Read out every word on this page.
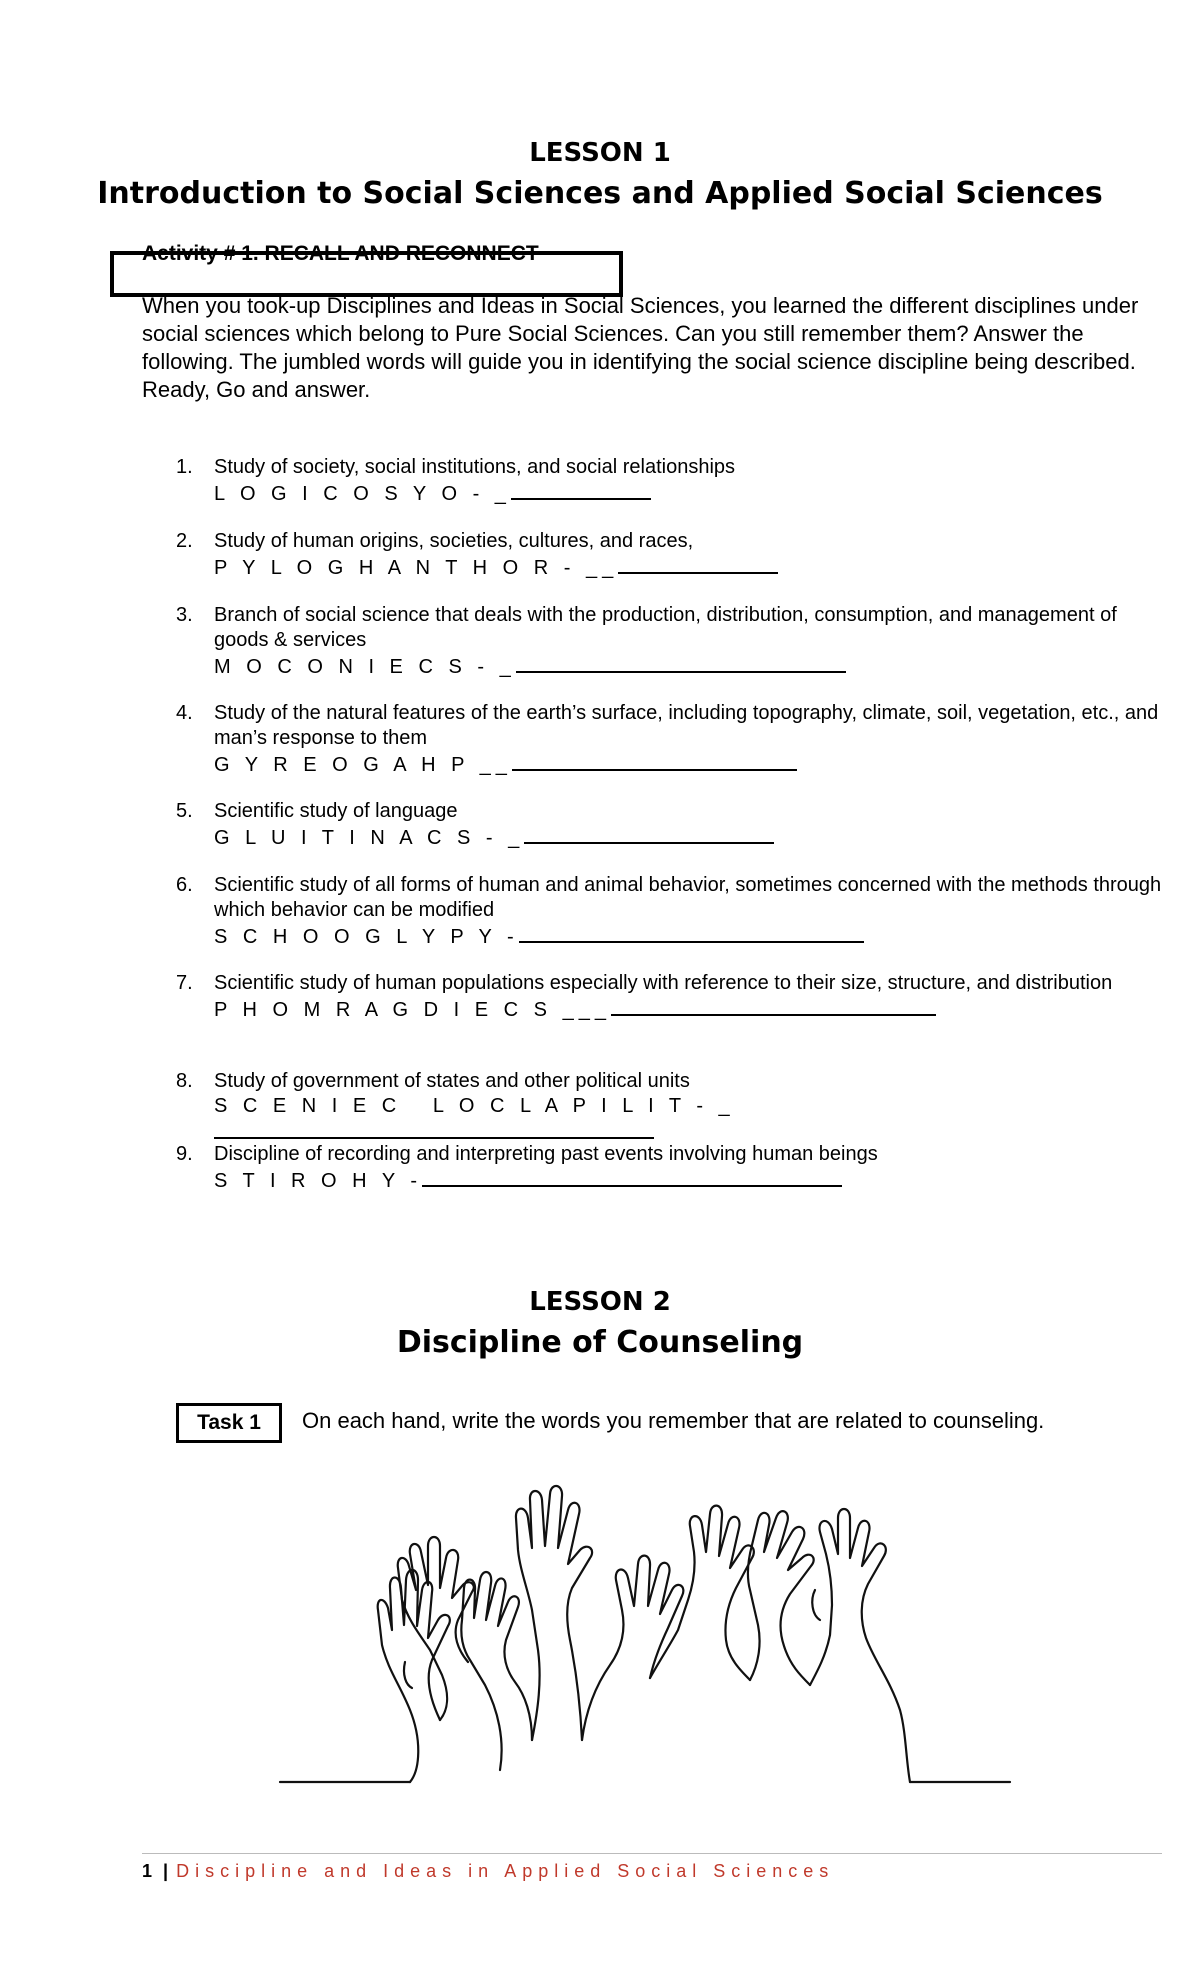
LESSON 1
Introduction to Social Sciences and Applied Social Sciences
Activity # 1. RECALL AND RECONNECT
When you took-up Disciplines and Ideas in Social Sciences, you learned the different disciplines under social sciences which belong to Pure Social Sciences. Can you still remember them? Answer the following. The jumbled words will guide you in identifying the social science discipline being described. Ready, Go and answer.
1. Study of society, social institutions, and social relationships
L O G I C O S Y O - _
2. Study of human origins, societies, cultures, and races,
P Y L O G H A N T H O R - __
3. Branch of social science that deals with the production, distribution, consumption, and management of goods & services
M O C O N I E C S - _
4. Study of the natural features of the earth’s surface, including topography, climate, soil, vegetation, etc., and man’s response to them
G Y R E O G A H P __
5. Scientific study of language
G L U I T I N A C S - _
6. Scientific study of all forms of human and animal behavior, sometimes concerned with the methods through which behavior can be modified
S C H O O G L Y P Y -
7. Scientific study of human populations especially with reference to their size, structure, and distribution
P H O M R A G D I E C S ___
8. Study of government of states and other political units
S C E N I E C   L O C L A P I L I T - _
9. Discipline of recording and interpreting past events involving human beings
S T I R O H Y -
LESSON 2
Discipline of Counseling
Task 1	On each hand, write the words you remember that are related to counseling.
1 | Discipline and Ideas in Applied Social Sciences
